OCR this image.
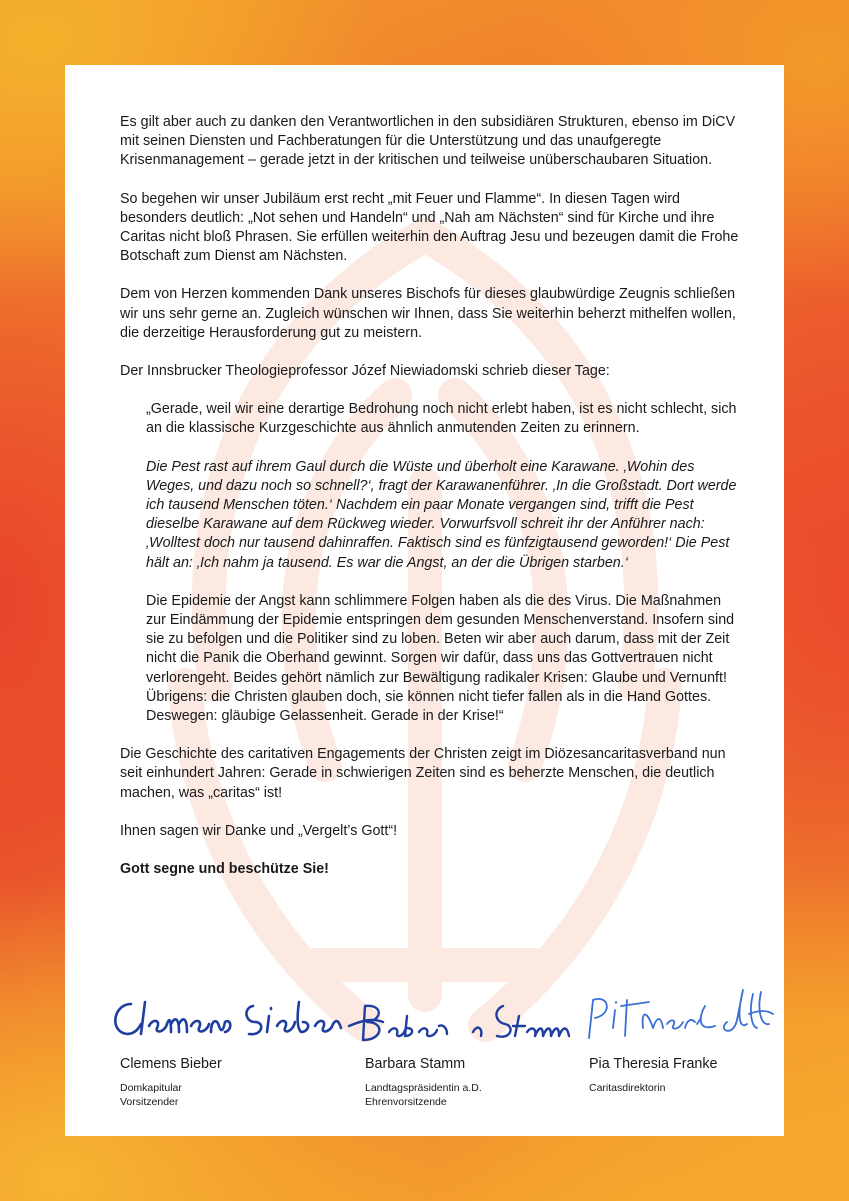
Es gilt aber auch zu danken den Verantwortlichen in den subsidiären Strukturen, ebenso im DiCV mit seinen Diensten und Fachberatungen für die Unterstützung und das unaufgeregte Krisenmanagement – gerade jetzt in der kritischen und teilweise unüberschaubaren Situation.

So begehen wir unser Jubiläum erst recht „mit Feuer und Flamme“. In diesen Tagen wird besonders deutlich: „Not sehen und Handeln“ und „Nah am Nächsten“ sind für Kirche und ihre Caritas nicht bloß Phrasen. Sie erfüllen weiterhin den Auftrag Jesu und bezeugen damit die Frohe Botschaft zum Dienst am Nächsten.

Dem von Herzen kommenden Dank unseres Bischofs für dieses glaubwürdige Zeugnis schließen wir uns sehr gerne an. Zugleich wünschen wir Ihnen, dass Sie weiterhin beherzt mithelfen wollen, die derzeitige Herausforderung gut zu meistern.

Der Innsbrucker Theologieprofessor Józef Niewiadomski schrieb dieser Tage:

„Gerade, weil wir eine derartige Bedrohung noch nicht erlebt haben, ist es nicht schlecht, sich an die klassische Kurzgeschichte aus ähnlich anmutenden Zeiten zu erinnern.

Die Pest rast auf ihrem Gaul durch die Wüste und überholt eine Karawane. ‚Wohin des Weges, und dazu noch so schnell?‘, fragt der Karawanenführer. ‚In die Großstadt. Dort werde ich tausend Menschen töten.‘ Nachdem ein paar Monate vergangen sind, trifft die Pest dieselbe Karawane auf dem Rückweg wieder. Vorwurfsvoll schreit ihr der Anführer nach: ‚Wolltest doch nur tausend dahinraffen. Faktisch sind es fünfzigtausend geworden!‘ Die Pest hält an: ‚Ich nahm ja tausend. Es war die Angst, an der die Übrigen starben.‘

Die Epidemie der Angst kann schlimmere Folgen haben als die des Virus. Die Maßnahmen zur Eindämmung der Epidemie entspringen dem gesunden Menschenverstand. Insofern sind sie zu befolgen und die Politiker sind zu loben. Beten wir aber auch darum, dass mit der Zeit nicht die Panik die Oberhand gewinnt. Sorgen wir dafür, dass uns das Gottvertrauen nicht verlorengeht. Beides gehört nämlich zur Bewältigung radikaler Krisen: Glaube und Vernunft! Übrigens: die Christen glauben doch, sie können nicht tiefer fallen als in die Hand Gottes. Deswegen: gläubige Gelassenheit. Gerade in der Krise!“

Die Geschichte des caritativen Engagements der Christen zeigt im Diözesancaritasverband nun seit einhundert Jahren: Gerade in schwierigen Zeiten sind es beherzte Menschen, die deutlich machen, was „caritas“ ist!

Ihnen sagen wir Danke und „Vergelt’s Gott“!

Gott segne und beschütze Sie!

Clemens Bieber
Domkapitular
Vorsitzender
Barbara Stamm
Landtagspräsidentin a.D.
Ehrenvorsitzende
Pia Theresia Franke
Caritasdirektorin
